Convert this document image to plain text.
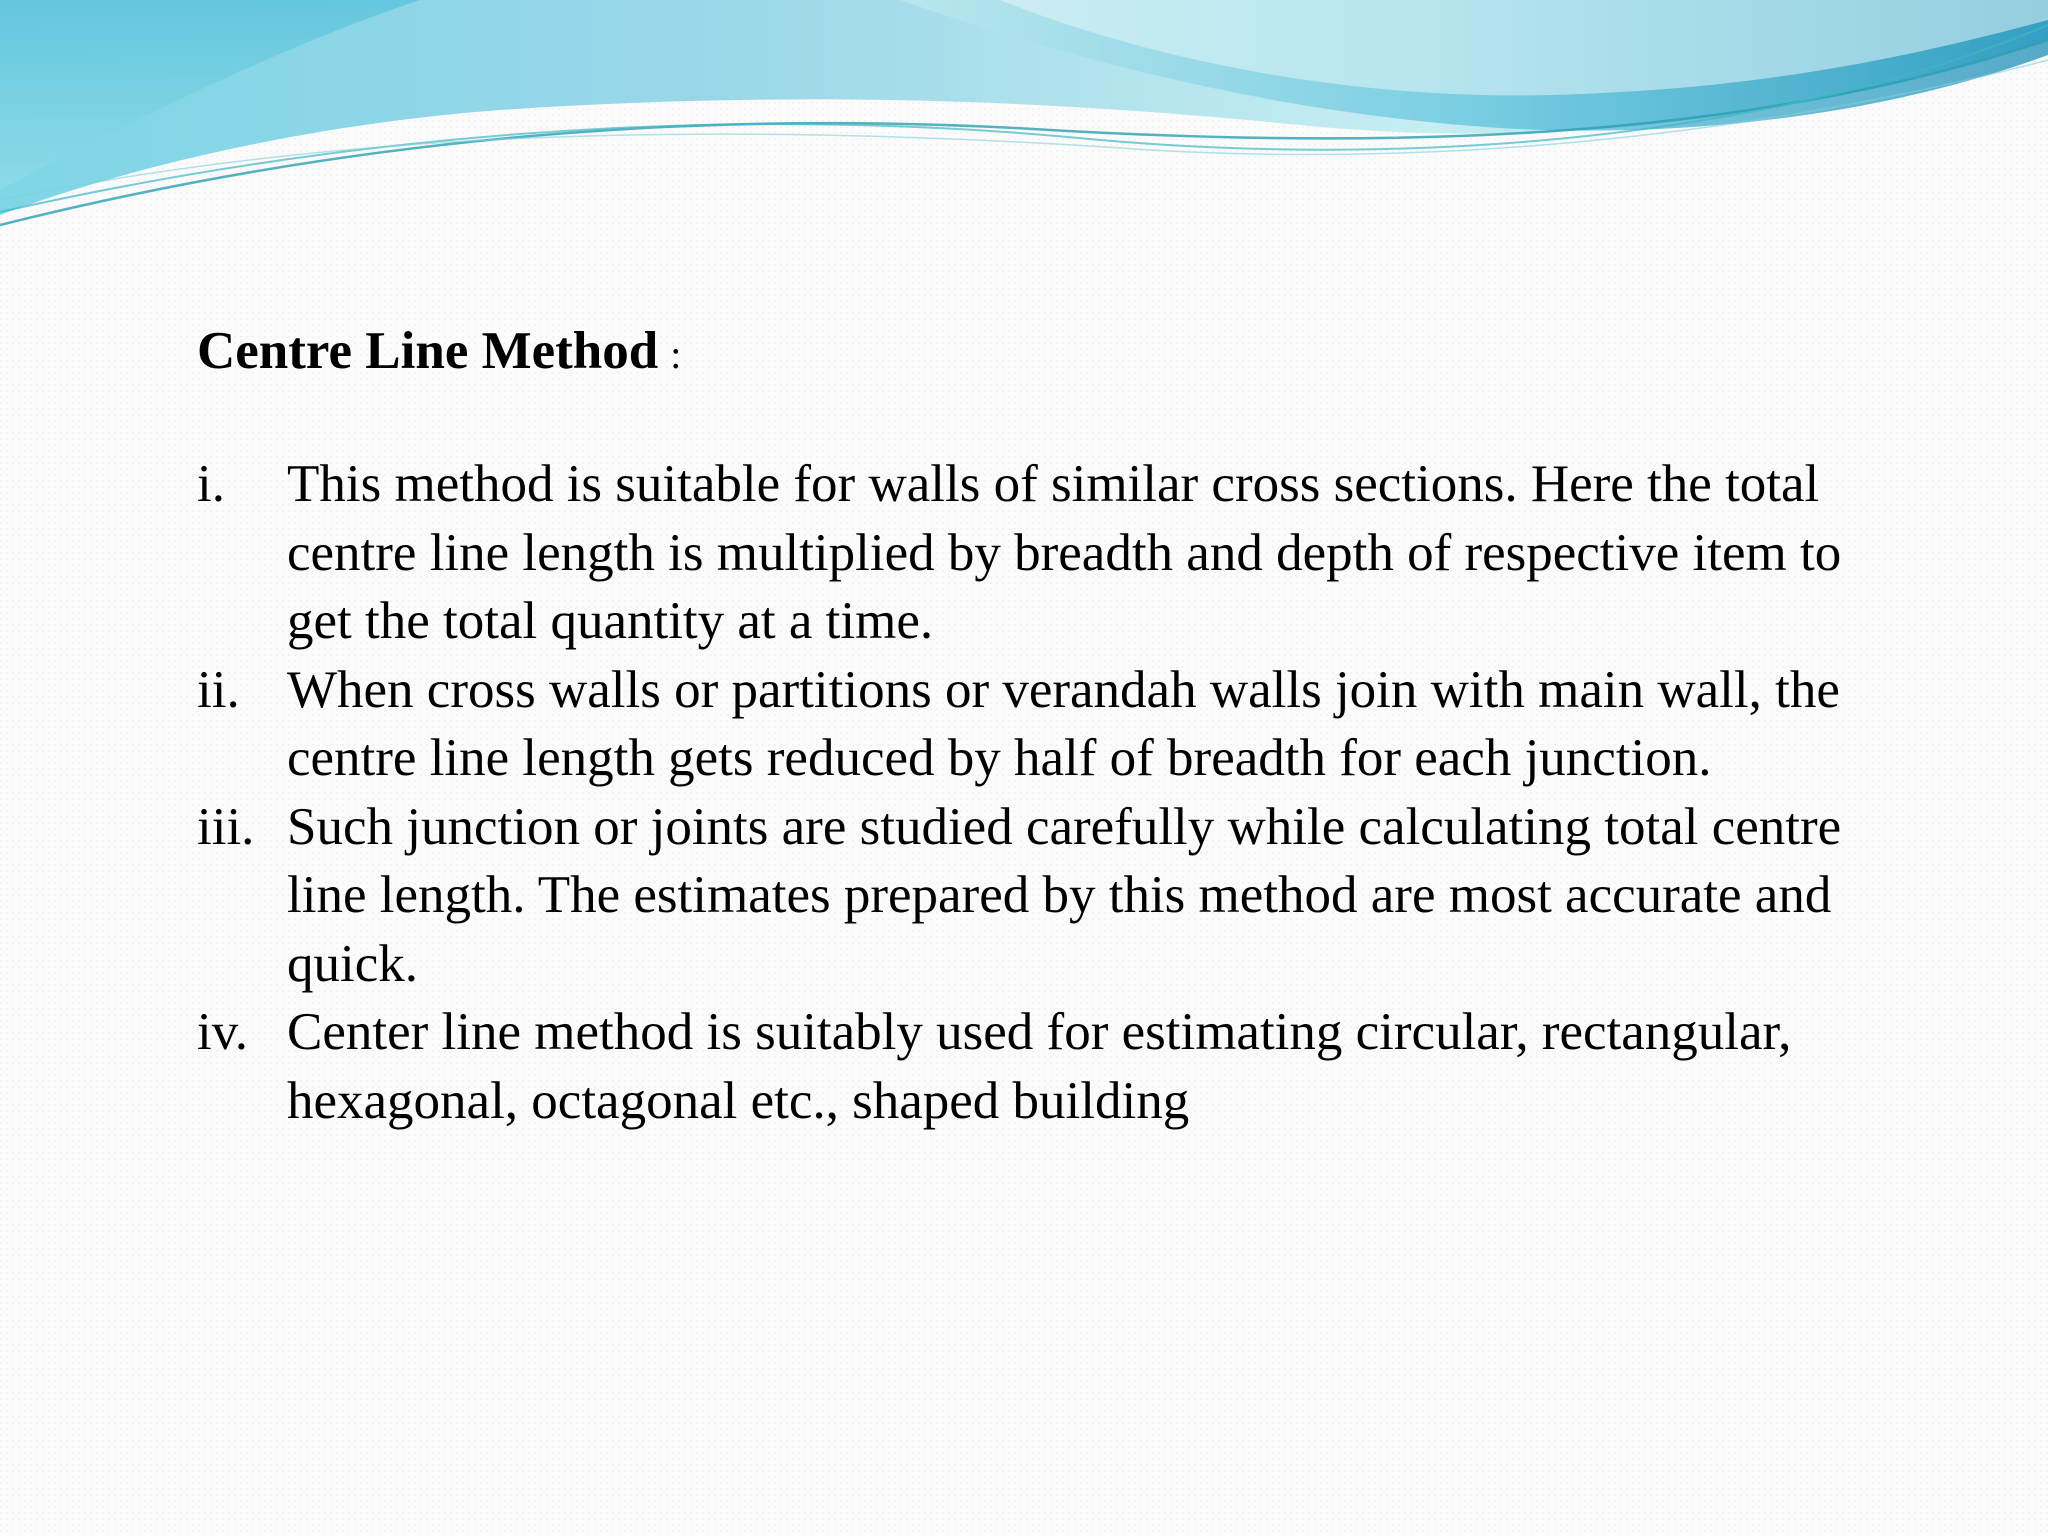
Centre Line Method :
i. This method is suitable for walls of similar cross sections. Here the total centre line length is multiplied by breadth and depth of respective item to get the total quantity at a time.
ii. When cross walls or partitions or verandah walls join with main wall, the centre line length gets reduced by half of breadth for each junction.
iii. Such junction or joints are studied carefully while calculating total centre line length. The estimates prepared by this method are most accurate and quick.
iv. Center line method is suitably used for estimating circular, rectangular, hexagonal, octagonal etc., shaped building
